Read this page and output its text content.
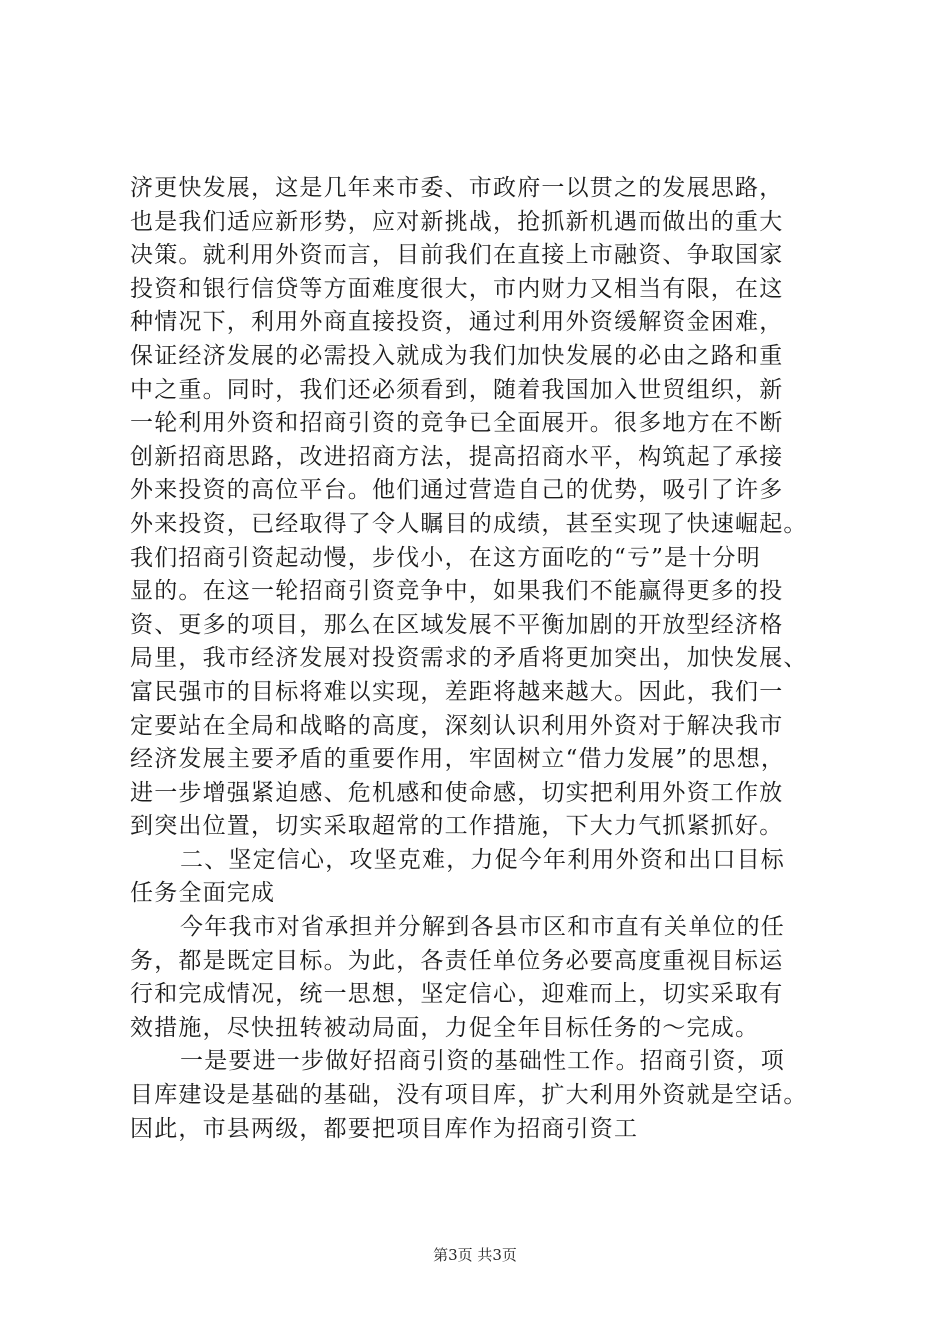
济更快发展，这是几年来市委、市政府一以贯之的发展思路，
也是我们适应新形势，应对新挑战，抢抓新机遇而做出的重大
决策。就利用外资而言，目前我们在直接上市融资、争取国家
投资和银行信贷等方面难度很大，市内财力又相当有限，在这
种情况下，利用外商直接投资，通过利用外资缓解资金困难，
保证经济发展的必需投入就成为我们加快发展的必由之路和重
中之重。同时，我们还必须看到，随着我国加入世贸组织，新
一轮利用外资和招商引资的竞争已全面展开。很多地方在不断
创新招商思路，改进招商方法，提高招商水平，构筑起了承接
外来投资的高位平台。他们通过营造自己的优势，吸引了许多
外来投资，已经取得了令人瞩目的成绩，甚至实现了快速崛起。
我们招商引资起动慢，步伐小，在这方面吃的“亏”是十分明
显的。在这一轮招商引资竞争中，如果我们不能赢得更多的投
资、更多的项目，那么在区域发展不平衡加剧的开放型经济格
局里，我市经济发展对投资需求的矛盾将更加突出，加快发展、
富民强市的目标将难以实现，差距将越来越大。因此，我们一
定要站在全局和战略的高度，深刻认识利用外资对于解决我市
经济发展主要矛盾的重要作用，牢固树立“借力发展”的思想，
进一步增强紧迫感、危机感和使命感，切实把利用外资工作放
到突出位置，切实采取超常的工作措施，下大力气抓紧抓好。
二、坚定信心，攻坚克难，力促今年利用外资和出口目标
任务全面完成
今年我市对省承担并分解到各县市区和市直有关单位的任
务，都是既定目标。为此，各责任单位务必要高度重视目标运
行和完成情况，统一思想，坚定信心，迎难而上，切实采取有
效措施，尽快扭转被动局面，力促全年目标任务的～完成。
一是要进一步做好招商引资的基础性工作。招商引资，项
目库建设是基础的基础，没有项目库，扩大利用外资就是空话。
因此，市县两级，都要把项目库作为招商引资工
第3页 共3页
